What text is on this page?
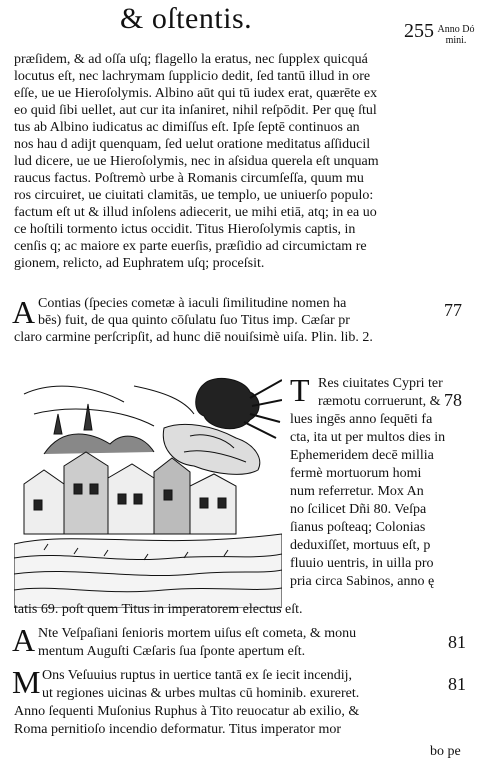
& oſtentis.	255 Anno Dó
mini.
præſidem, & ad oſſa uſq; flagello la eratus, nec ſupplex quicquá
locutus eſt, nec lachrymam ſupplicio dedit, ſed tantū illud in ore
eſſe, ue ue Hieroſolymis. Albino aūt qui tū iudex erat, quærēte ex
eo quid ſibi uellet, aut cur ita inſaniret, nihil reſpōdit. Per quę ſtul
tus ab Albino iudicatus ac dimiſſus eſt. Ipſe ſeptē continuos an
nos hau d adijt quenquam, ſed uelut oratione meditatus aſſiducil
lud dicere, ue ue Hieroſolymis, nec in aſsidua querela eſt unquam
raucus factus. Poſtremò urbe à Romanis circumſeſſa, quum mu
ros circuiret, ue ciuitati clamitās, ue templo, ue uniuerſo populo:
factum eſt ut & illud inſolens adiecerit, ue mihi etiā, atq; in ea uo
ce hoſtili tormento ictus occidit. Titus Hieroſolymis captis, in
cenſis q; ac maiore ex parte euerſis, præſidio ad circumictam re
gionem, relicto, ad Euphratem uſq; proceſsit.
A Contias (ſpecies cometæ à iaculi ſimilitudine nomen ha
bēs) fuit, de qua quinto cōſulatu ſuo Titus imp. Cæſar pr
claro carmine perſcripſit, ad hunc diē nouiſsimè uiſa. Plin. lib. 2.
77
T Res ciuitates Cypri ter
ræmotu corruerunt, &
lues ingēs anno ſequēti fa
cta, ita ut per multos dies in
Ephemeridem decē millia
fermè mortuorum homi
num referretur. Mox An
no ſcilicet Dñi 80. Veſpa
ſianus poſteaq; Colonias
deduxiſſet, mortuus eſt, p
fluuio uentris, in uilla pro
pria circa Sabinos, anno ę
tatis 69. poſt quem Titus in imperatorem electus eſt.
78
A Nte Veſpaſiani ſenioris mortem uiſus eſt cometa, & monu
mentum Auguſti Cæſaris ſua ſponte apertum eſt.	81
M Ons Veſuuius ruptus in uertice tantā ex ſe iecit incendij,
ut regiones uicinas & urbes multas cū hominib. exureret.
Anno ſequenti Muſonius Ruphus à Tito reuocatur ab exilio, &
Roma pernitioſo incendio deformatur. Titus imperator mor
bo pe
81
